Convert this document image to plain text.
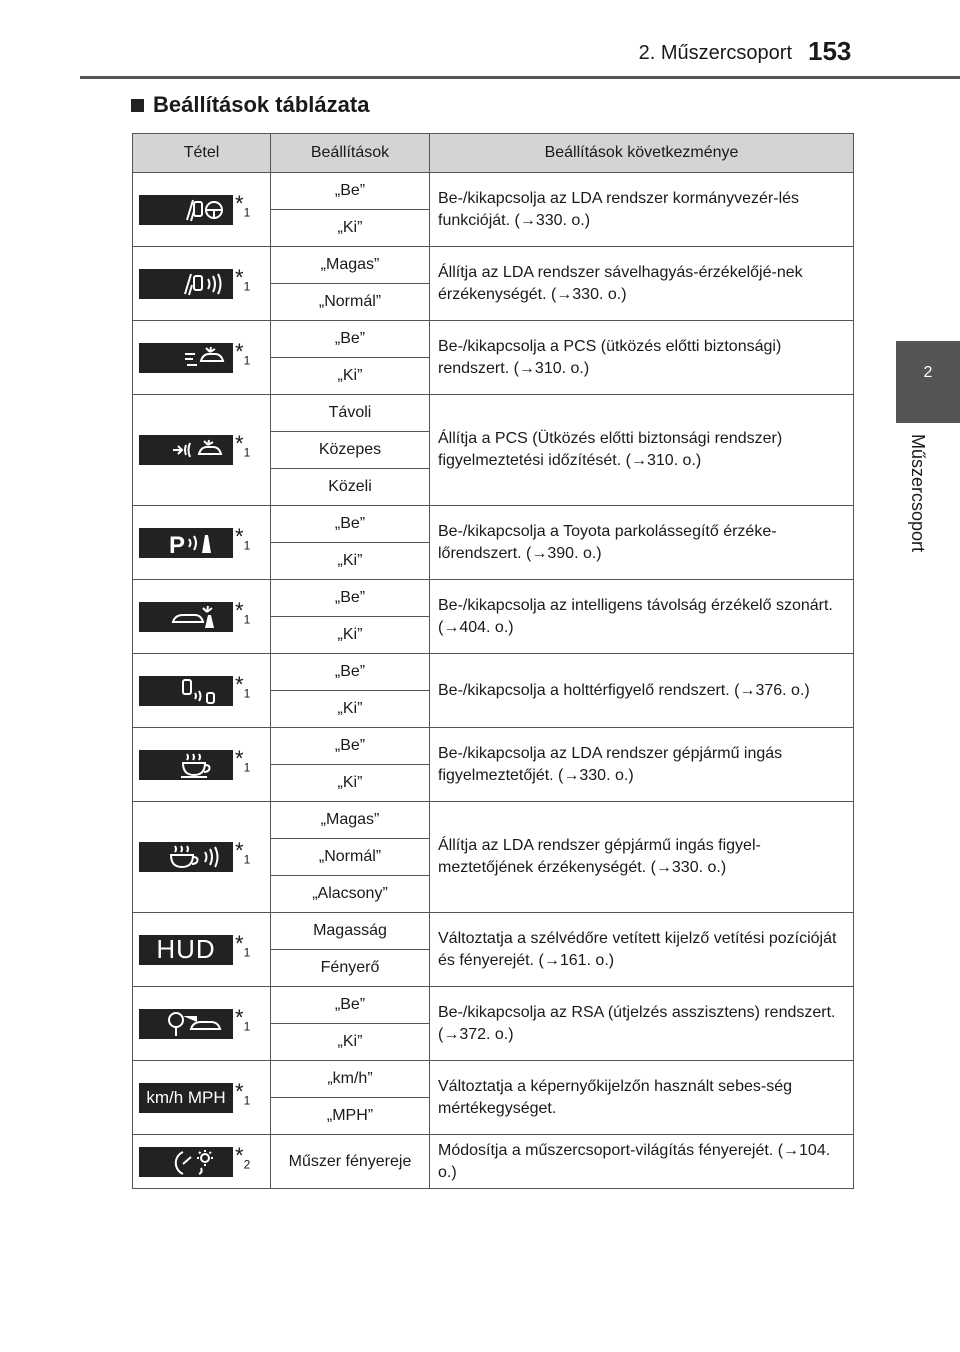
2. Műszercsoport 153
2
Műszercsoport
Beállítások táblázata
Tétel	Beállítások	Beállítások következménye

$*_1$	„Be”	Be-/kikapcsolja az LDA rendszer kormányvezér-lés funkcióját. (→330. o.)
	„Ki”	

$*_1$	„Magas”	Állítja az LDA rendszer sávelhagyás-érzékelőjé-nek érzékenységét. (→330. o.)
	„Normál”	

$*_1$	„Be”	Be-/kikapcsolja a PCS (ütközés előtti biztonsági) rendszert. (→310. o.)
	„Ki”	

$*_1$	Távoli	Állítja a PCS (Ütközés előtti biztonsági rendszer) figyelmeztetési időzítését. (→310. o.)
	Közepes	
	Közeli	

P $*_1$	„Be”	Be-/kikapcsolja a Toyota parkolássegítő érzéke-lőrendszert. (→390. o.)
	„Ki”	

$*_1$	„Be”	Be-/kikapcsolja az intelligens távolság érzékelő szonárt. (→404. o.)
	„Ki”	

$*_1$	„Be”	Be-/kikapcsolja a holttérfigyelő rendszert. (→376. o.)
	„Ki”	

$*_1$	„Be”	Be-/kikapcsolja az LDA rendszer gépjármű ingás figyelmeztetőjét. (→330. o.)
	„Ki”	

$*_1$	„Magas”	Állítja az LDA rendszer gépjármű ingás figyel-meztetőjének érzékenységét. (→330. o.)
	„Normál”	
	„Alacsony”	

HUD $*_1$	Magasság	Változtatja a szélvédőre vetített kijelző vetítési pozícióját és fényerejét. (→161. o.)
	Fényerő	

$*_1$	„Be”	Be-/kikapcsolja az RSA (útjelzés asszisztens) rendszert. (→372. o.)
	„Ki”	

km/h MPH $*_1$	„km/h”	Változtatja a képernyőkijelzőn használt sebes-ség mértékegységet.
	„MPH”	

$*_2$	Műszer fényereje	Módosítja a műszercsoport-világítás fényerejét. (→104. o.)
